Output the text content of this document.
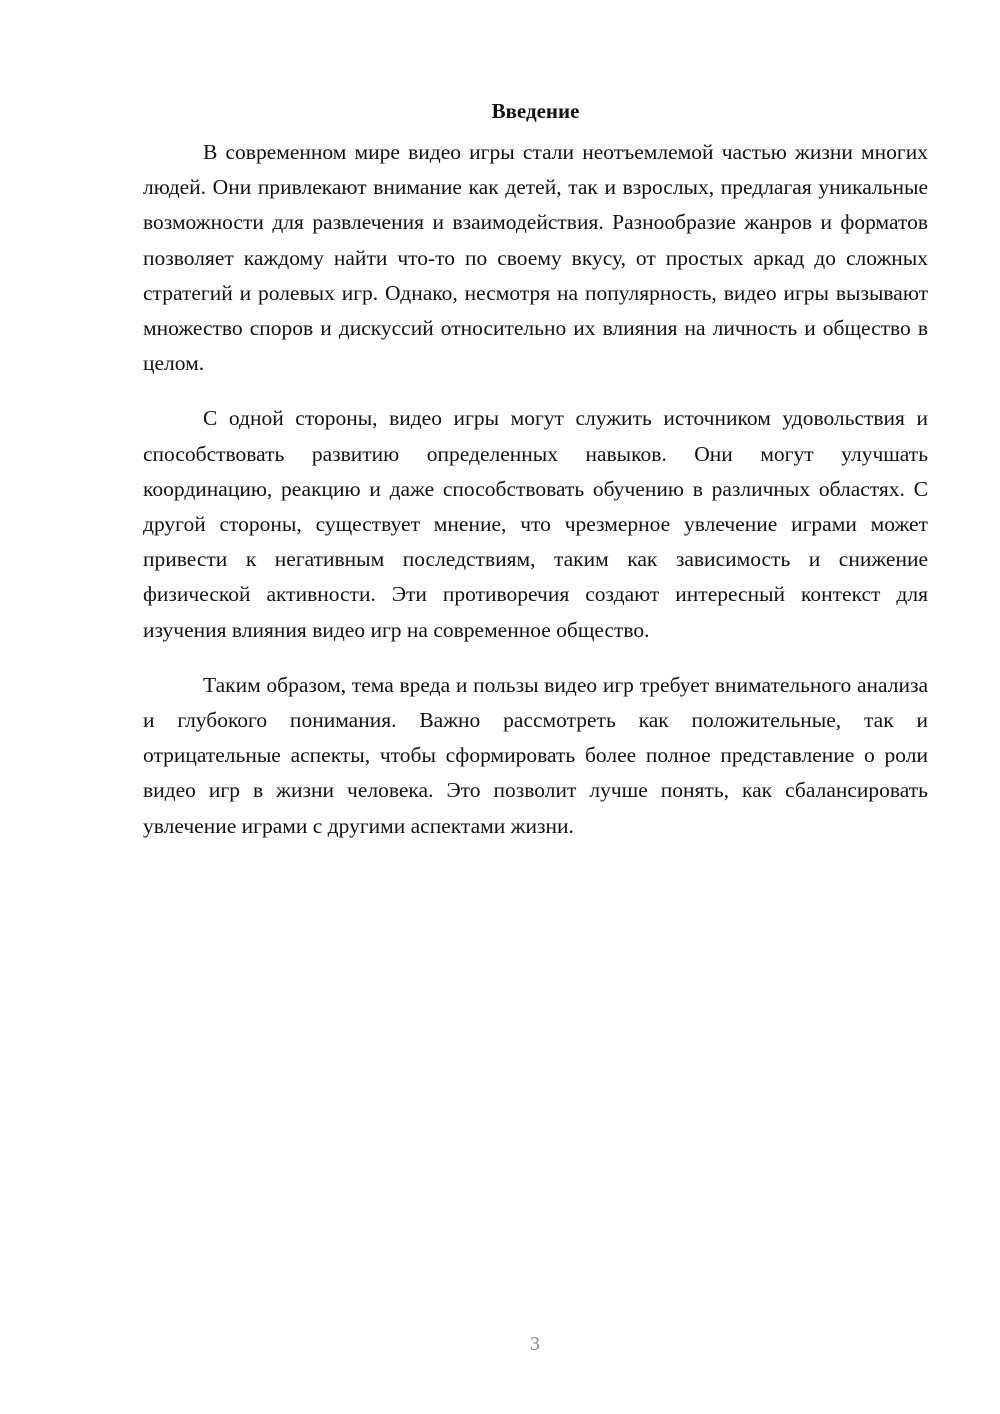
Введение

В современном мире видео игры стали неотъемлемой частью жизни многих людей. Они привлекают внимание как детей, так и взрослых, предлагая уникальные возможности для развлечения и взаимодействия. Разнообразие жанров и форматов позволяет каждому найти что-то по своему вкусу, от простых аркад до сложных стратегий и ролевых игр. Однако, несмотря на популярность, видео игры вызывают множество споров и дискуссий относительно их влияния на личность и общество в целом.

С одной стороны, видео игры могут служить источником удовольствия и способствовать развитию определенных навыков. Они могут улучшать координацию, реакцию и даже способствовать обучению в различных областях. С другой стороны, существует мнение, что чрезмерное увлечение играми может привести к негативным последствиям, таким как зависимость и снижение физической активности. Эти противоречия создают интересный контекст для изучения влияния видео игр на современное общество.

Таким образом, тема вреда и пользы видео игр требует внимательного анализа и глубокого понимания. Важно рассмотреть как положительные, так и отрицательные аспекты, чтобы сформировать более полное представление о роли видео игр в жизни человека. Это позволит лучше понять, как сбалансировать увлечение играми с другими аспектами жизни.

3
